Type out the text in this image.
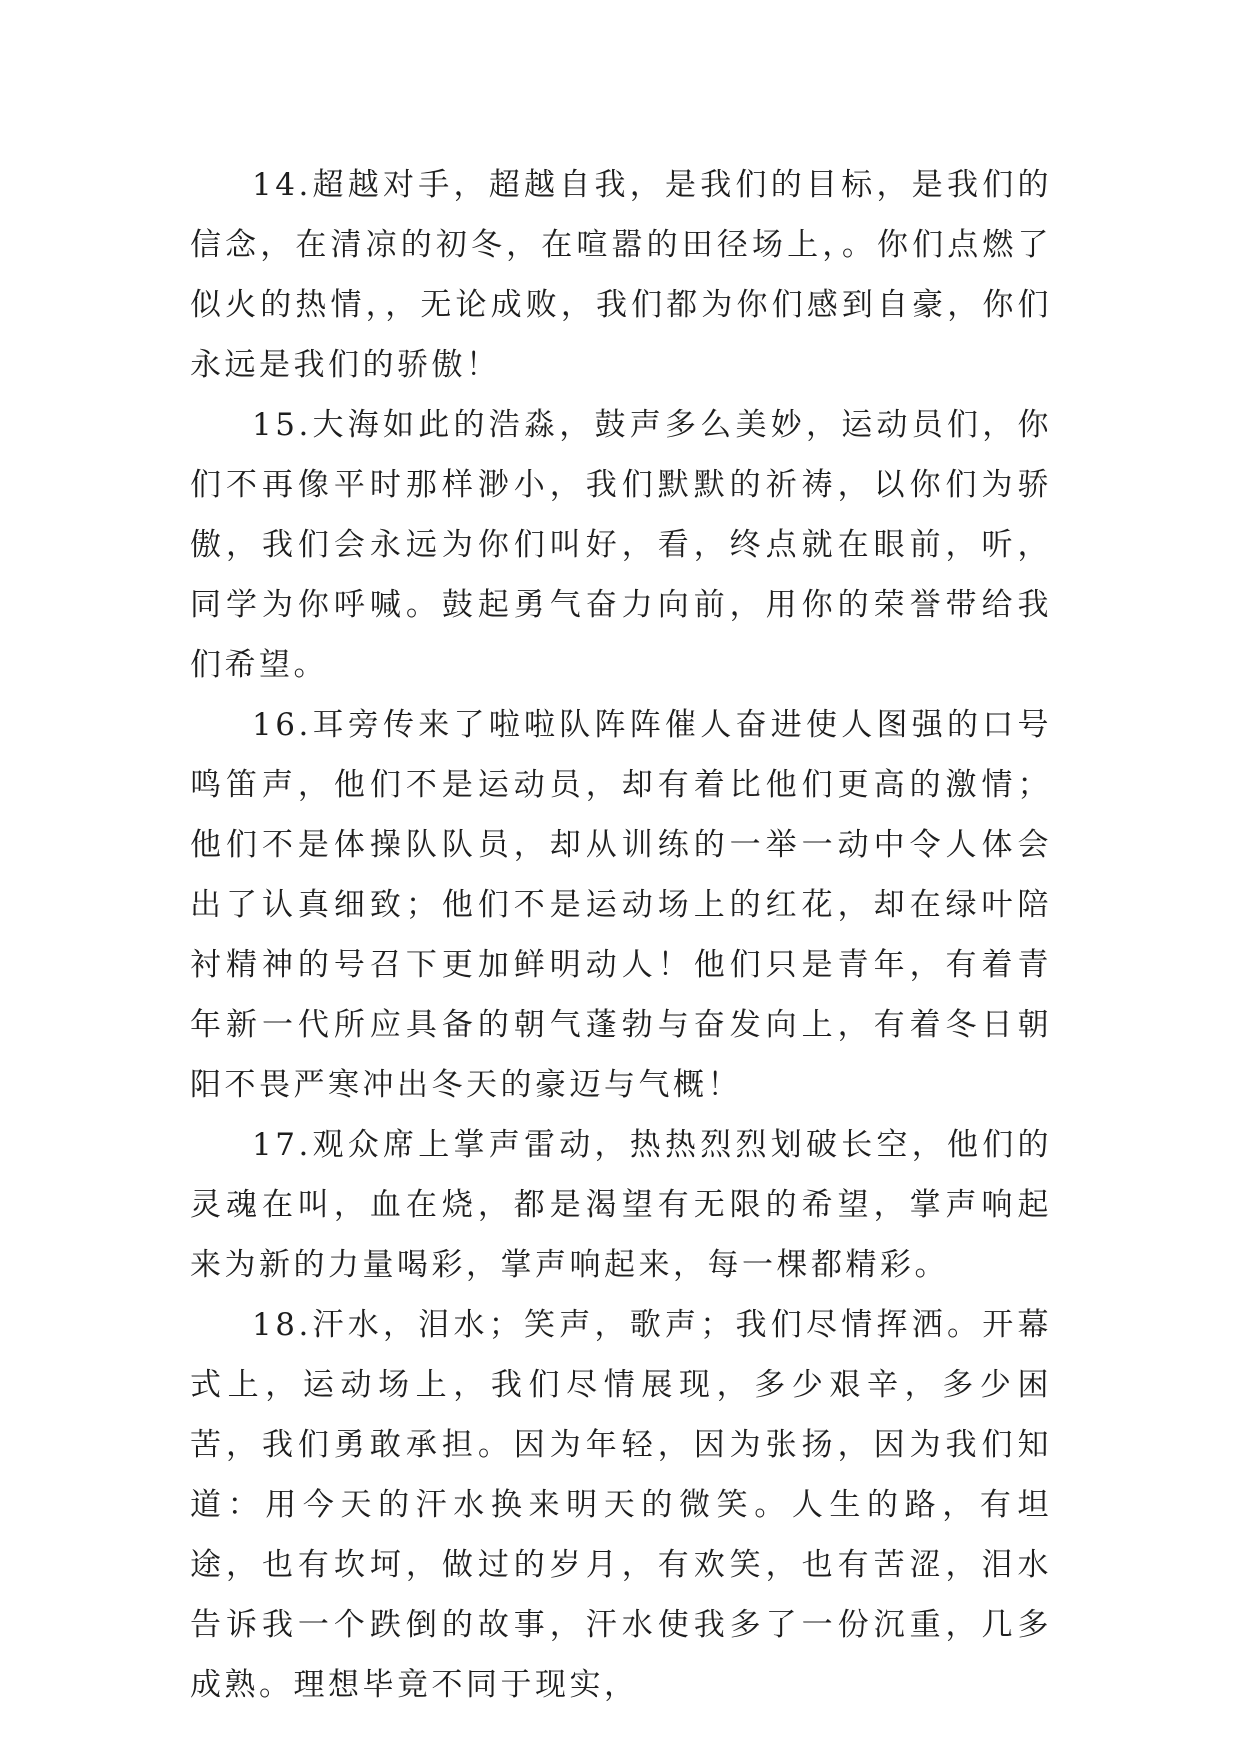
14.超越对手，超越自我，是我们的目标，是我们的信念，在清凉的初冬，在喧嚣的田径场上，。你们点燃了似火的热情，，无论成败，我们都为你们感到自豪，你们永远是我们的骄傲！

15.大海如此的浩淼，鼓声多么美妙，运动员们，你们不再像平时那样渺小，我们默默的祈祷，以你们为骄傲，我们会永远为你们叫好，看，终点就在眼前，听，同学为你呼喊。鼓起勇气奋力向前，用你的荣誉带给我们希望。

16.耳旁传来了啦啦队阵阵催人奋进使人图强的口号鸣笛声，他们不是运动员，却有着比他们更高的激情；他们不是体操队队员，却从训练的一举一动中令人体会出了认真细致；他们不是运动场上的红花，却在绿叶陪衬精神的号召下更加鲜明动人！他们只是青年，有着青年新一代所应具备的朝气蓬勃与奋发向上，有着冬日朝阳不畏严寒冲出冬天的豪迈与气概！

17.观众席上掌声雷动，热热烈烈划破长空，他们的灵魂在叫，血在烧，都是渴望有无限的希望，掌声响起来为新的力量喝彩，掌声响起来，每一棵都精彩。

18.汗水，泪水；笑声，歌声；我们尽情挥洒。开幕式上，运动场上，我们尽情展现，多少艰辛，多少困苦，我们勇敢承担。因为年轻，因为张扬，因为我们知道：用今天的汗水换来明天的微笑。人生的路，有坦途，也有坎坷，做过的岁月，有欢笑，也有苦涩，泪水告诉我一个跌倒的故事，汗水使我多了一份沉重，几多成熟。理想毕竟不同于现实，
